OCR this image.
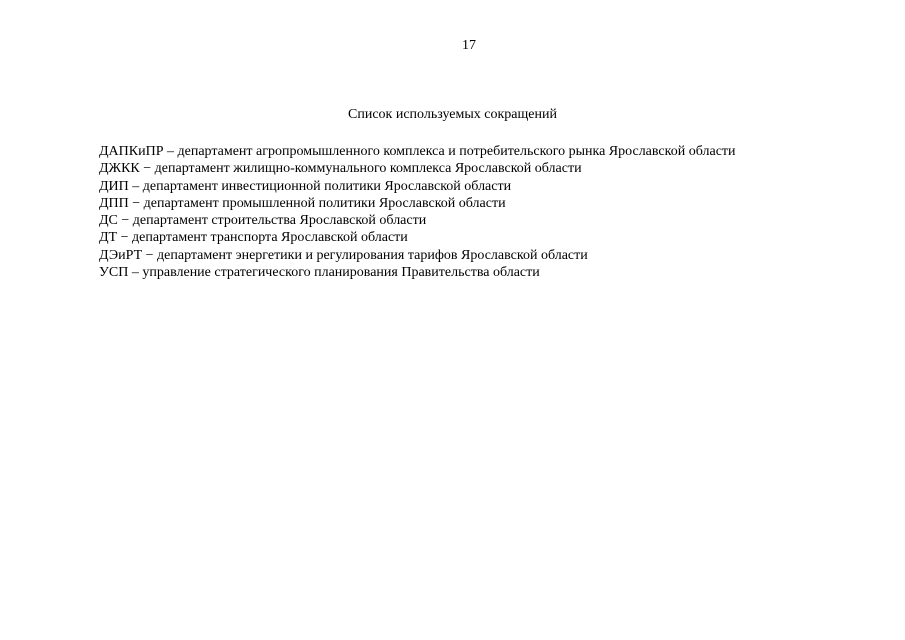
17
Список используемых сокращений
ДАПКиПР – департамент агропромышленного комплекса и потребительского рынка Ярославской области
ДЖКК − департамент жилищно-коммунального комплекса Ярославской области
ДИП – департамент инвестиционной политики Ярославской области
ДПП − департамент промышленной политики Ярославской области
ДС − департамент строительства Ярославской области
ДТ − департамент транспорта Ярославской области
ДЭиРТ − департамент энергетики и регулирования тарифов Ярославской области
УСП – управление стратегического планирования Правительства области
